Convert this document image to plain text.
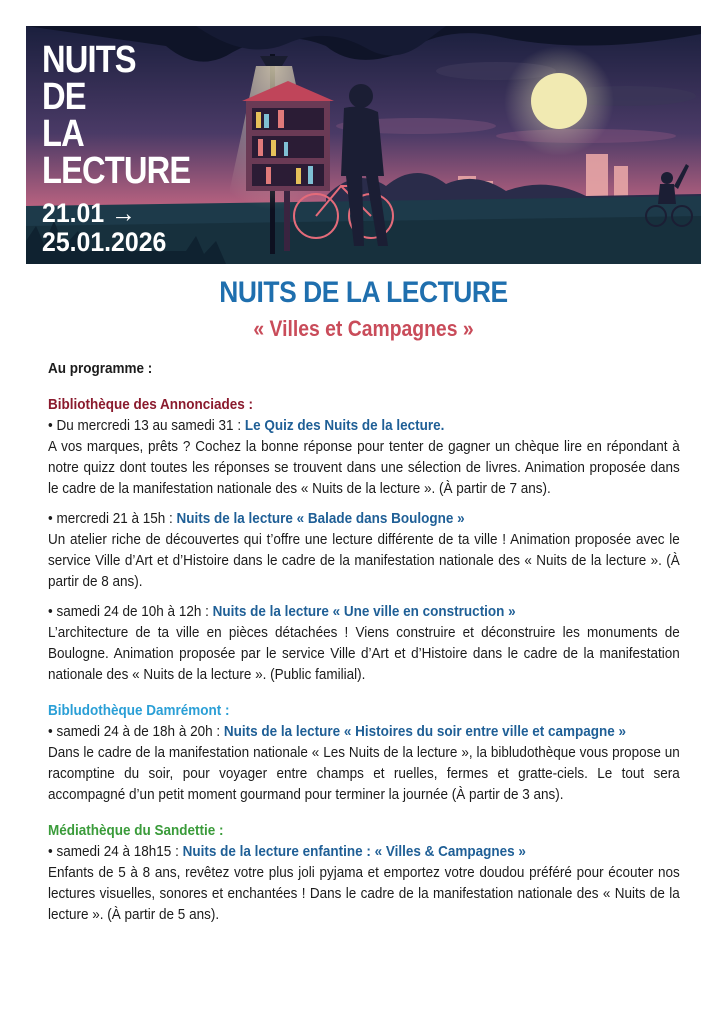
NUITS
DE
LA
LECTURE
21.01 →
25.01.2026
NUITS DE LA LECTURE
« Villes et Campagnes »

Au programme :

Bibliothèque des Annonciades :

• Du mercredi 13 au samedi 31 : Le Quiz des Nuits de la lecture.

A vos marques, prêts ? Cochez la bonne réponse pour tenter de gagner un chèque lire en répondant à notre quizz dont toutes les réponses se trouvent dans une sélection de livres. Animation proposée dans le cadre de la manifestation nationale des « Nuits de la lecture ». (À partir de 7 ans).

• mercredi 21 à 15h : Nuits de la lecture « Balade dans Boulogne »

Un atelier riche de découvertes qui t’offre une lecture différente de ta ville ! Animation proposée avec le service Ville d’Art et d’Histoire dans le cadre de la manifestation nationale des « Nuits de la lecture ». (À partir de 8 ans).

• samedi 24 de 10h à 12h : Nuits de la lecture « Une ville en construction »

L’architecture de ta ville en pièces détachées ! Viens construire et déconstruire les monuments de Boulogne. Animation proposée par le service Ville d’Art et d’Histoire dans le cadre de la manifestation nationale des « Nuits de la lecture ». (Public familial).

Bibludothèque Damrémont :

• samedi 24 à de 18h à 20h : Nuits de la lecture « Histoires du soir entre ville et campagne »

Dans le cadre de la manifestation nationale « Les Nuits de la lecture », la bibludothèque vous propose un racomptine du soir, pour voyager entre champs et ruelles, fermes et gratte-ciels. Le tout sera accompagné d’un petit moment gourmand pour terminer la journée (À partir de 3 ans).

Médiathèque du Sandettie :

• samedi 24 à 18h15 : Nuits de la lecture enfantine : « Villes & Campagnes »

Enfants de 5 à 8 ans, revêtez votre plus joli pyjama et emportez votre doudou préféré pour écouter nos lectures visuelles, sonores et enchantées ! Dans le cadre de la manifestation nationale des « Nuits de la lecture ». (À partir de 5 ans).
